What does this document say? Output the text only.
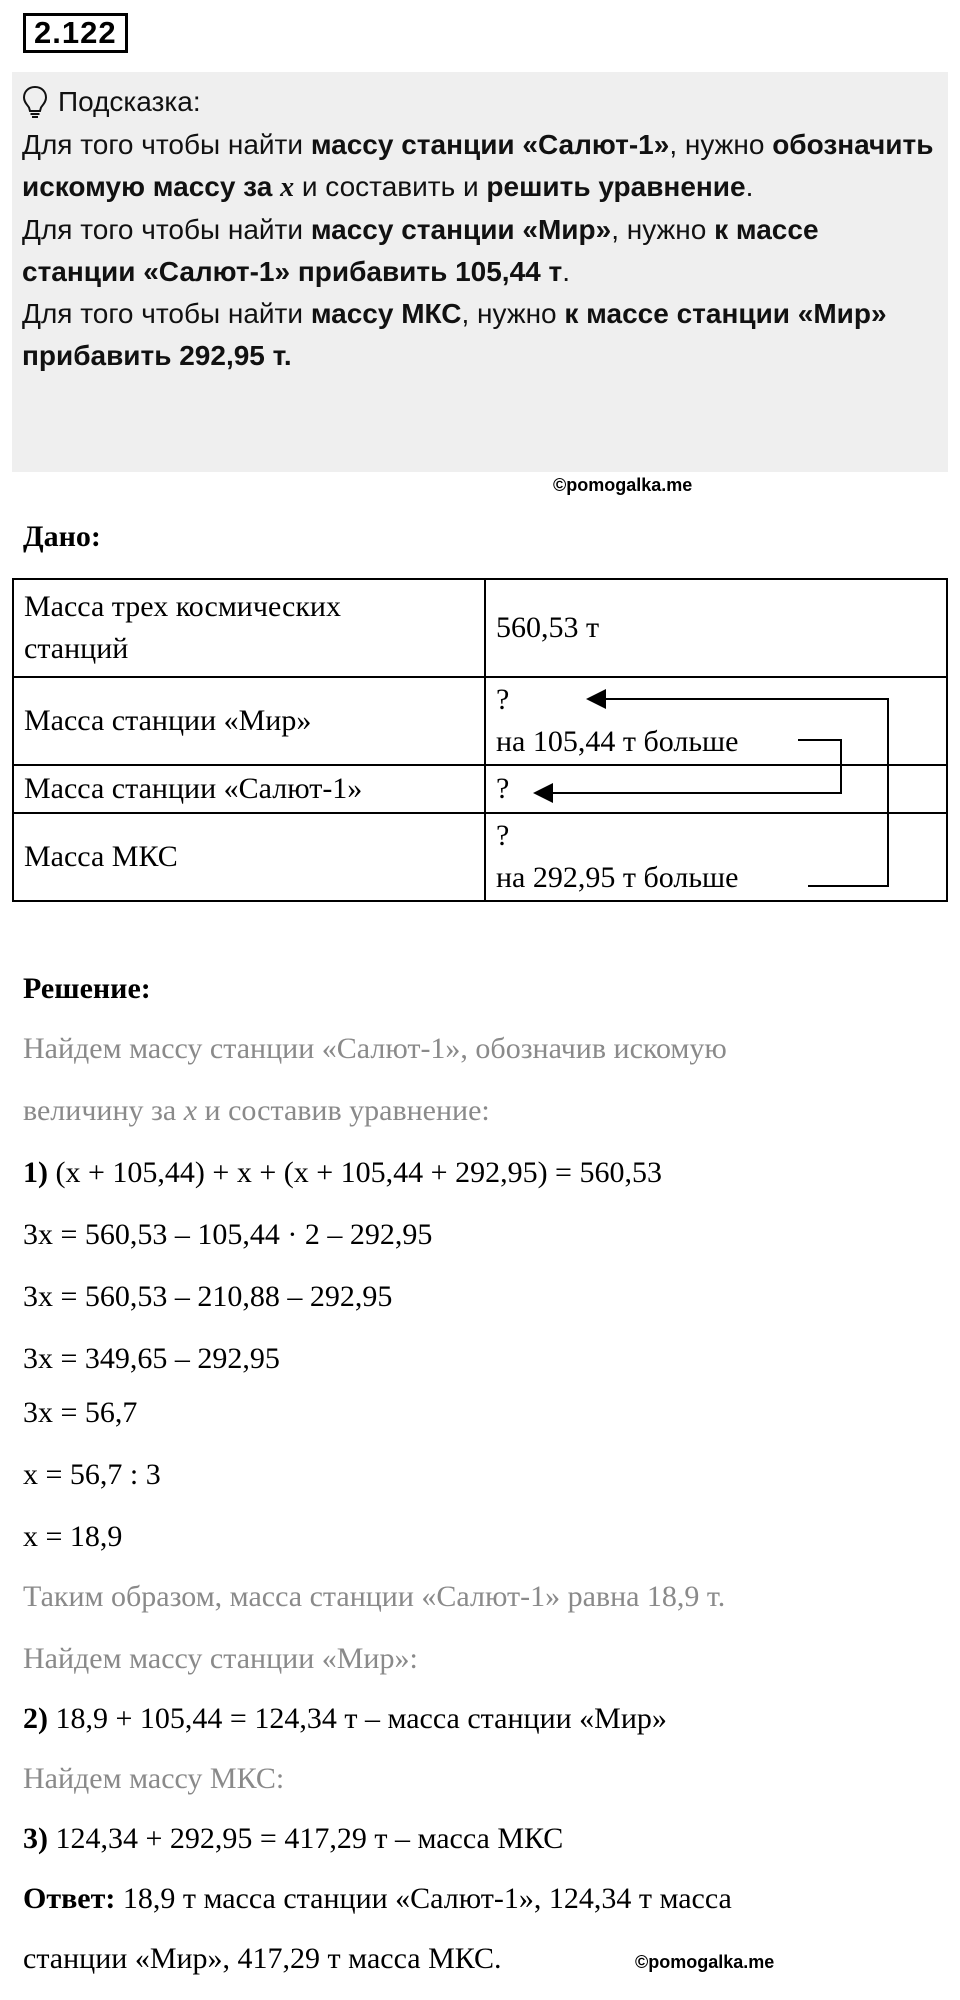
2.122
Подсказка:

Для того чтобы найти массу станции «Салют-1», нужно обозначить искомую массу за x и составить и решить уравнение.

Для того чтобы найти массу станции «Мир», нужно к массе станции «Салют-1» прибавить 105,44 т.

Для того чтобы найти массу МКС, нужно к массе станции «Мир» прибавить 292,95 т.

©pomogalka.me
Дано:
Масса трех космических
станций	560,53 т
Масса станции «Мир»	?
на 105,44 т больше

Масса станции «Салют-1»	?
Масса МКС	?
на 292,95 т больше
Решение:
Найдем массу станции «Салют-1», обозначив искомую
величину за x и составив уравнение:
1) (x + 105,44) + x + (x + 105,44 + 292,95) = 560,53
3x = 560,53 – 105,44 · 2 – 292,95
3x = 560,53 – 210,88 – 292,95
3x = 349,65 – 292,95
3x = 56,7
x = 56,7 : 3
x = 18,9
Таким образом, масса станции «Салют-1» равна 18,9 т.
Найдем массу станции «Мир»:
2) 18,9 + 105,44 = 124,34 т – масса станции «Мир»
Найдем массу МКС:
3) 124,34 + 292,95 = 417,29 т – масса МКС
Ответ: 18,9 т масса станции «Салют-1», 124,34 т масса
станции «Мир», 417,29 т масса МКС.	©pomogalka.me
